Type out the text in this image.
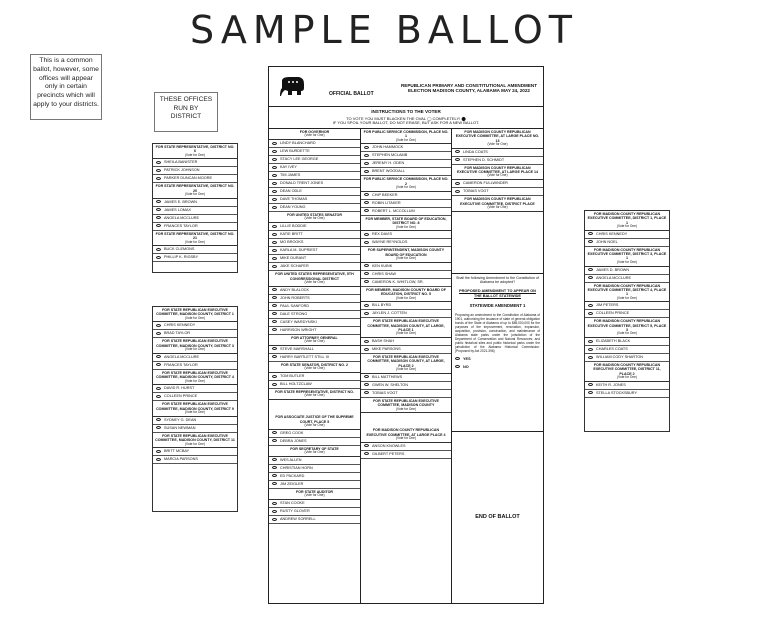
SAMPLE BALLOT
This is a common ballot, however, some offices will appear only in certain precincts which will apply to your districts.
THESE OFFICES RUN BY DISTRICT
FOR STATE REPRESENTATIVE, DISTRICT NO. 6
(Vote for One)
SHEILA BANISTER
PATRICK JOHNSON
PARKER DUNCAN MOORE
FOR STATE REPRESENTATIVE, DISTRICT NO. 20
(Vote for One)
JAMES E. BROWN
JAMES LOMAX
ANGELA MCCLURE
FRANCES TAYLOR
FOR STATE REPRESENTATIVE, DISTRICT NO. 21
(Vote for One)
BUCK CLEMONS
PHILLIP K. RIGSBY
FOR STATE REPUBLICAN EXECUTIVE COMMITTEE, MADISON COUNTY, DISTRICT 1
(Vote for One)
CHRIS KENNEDY
BRAD TAYLOR
FOR STATE REPUBLICAN EXECUTIVE COMMITTEE, MADISON COUNTY, DISTRICT 3
(Vote for One)
ANGELA MCCLURE
FRANCES TAYLOR
FOR STATE REPUBLICAN EXECUTIVE COMMITTEE, MADISON COUNTY, DISTRICT 4
(Vote for One)
DAVID R. HURST
COLLEEN PRINCE
FOR STATE REPUBLICAN EXECUTIVE COMMITTEE, MADISON COUNTY, DISTRICT 9
(Vote for One)
SYDNEY G. DEAN
SUSAN NEWMAN
FOR STATE REPUBLICAN EXECUTIVE COMMITTEE, MADISON COUNTY, DISTRICT 11
(Vote for One)
BRITT MCBAY
MARCIA PARSONS
FOR MADISON COUNTY REPUBLICAN EXECUTIVE COMMITTEE, DISTRICT 1, PLACE 1
(Vote for One)
CHRIS KENNEDY
JOHN NOEL
FOR MADISON COUNTY REPUBLICAN EXECUTIVE COMMITTEE, DISTRICT 3, PLACE 1
(Vote for One)
JAMES D. BROWN
ANGELA MCCLURE
FOR MADISON COUNTY REPUBLICAN EXECUTIVE COMMITTEE, DISTRICT 4, PLACE 1
(Vote for One)
JIM PETERS
COLLEEN PRINCE
FOR MADISON COUNTY REPUBLICAN EXECUTIVE COMMITTEE, DISTRICT 5, PLACE 3
(Vote for One)
ELIZABETH BLACK
CHARLES COATS
WILLIAM CODY SHARTON
FOR MADISON COUNTY REPUBLICAN EXECUTIVE COMMITTEE, DISTRICT 11, PLACE 2
(Vote for One)
KEITH R. JONES
STELLA STOCKSBURY
OFFICIAL BALLOT
REPUBLICAN PRIMARY AND CONSTITUTIONAL AMENDMENT ELECTION MADISON COUNTY, ALABAMA MAY 24, 2022
INSTRUCTIONS TO THE VOTER
TO VOTE YOU MUST BLACKEN THE OVAL ◯ COMPLETELY! ⬤
IF YOU SPOIL YOUR BALLOT, DO NOT ERASE, BUT ASK FOR A NEW BALLOT.
FOR GOVERNOR
(Vote for One)
LINDY BLANCHARD
LEW BURDETTE
STACY LEE GEORGE
KAY IVEY
TIM JAMES
DONALD TRENT JONES
DEAN ODLE
DAVE THOMAS
DEAN YOUNG
FOR UNITED STATES SENATOR
(Vote for One)
LILLIE BODDIE
KATIE BRITT
MO BROOKS
KARLA M. DUPRIEST
MIKE DURANT
JAKE SCHAFER
FOR UNITED STATES REPRESENTATIVE, 5TH CONGRESSIONAL DISTRICT
(Vote for One)
ANDY BLALOCK
JOHN ROBERTS
PAUL SANFORD
DALE STRONG
CASEY WARDYNSKI
HARRISON WRIGHT
FOR ATTORNEY GENERAL
(Vote for One)
STEVE MARSHALL
HARRY BARTLETT STILL III
FOR STATE SENATOR, DISTRICT NO. 2
(Vote for One)
TOM BUTLER
BILL HOLTZCLAW
FOR STATE REPRESENTATIVE, DISTRICT NO.
(Vote for One)
FOR ASSOCIATE JUSTICE OF THE SUPREME COURT, PLACE 5
(Vote for One)
GREG COOK
DEBRA JONES
FOR SECRETARY OF STATE
(Vote for One)
WES ALLEN
CHRISTIAN HORN
ED PACKARD
JIM ZEIGLER
FOR STATE AUDITOR
(Vote for One)
STAN COOKE
RUSTY GLOVER
ANDREW SORRELL
FOR PUBLIC SERVICE COMMISSION, PLACE NO. 1
(Vote for One)
JOHN HAMMOCK
STEPHEN MCLAMB
JEREMY H. ODEN
BRENT WOODALL
FOR PUBLIC SERVICE COMMISSION, PLACE NO. 2
(Vote for One)
CHIP BEEKER
ROBIN LITAKER
ROBERT L. MCCOLLUM
FOR MEMBER, STATE BOARD OF EDUCATION, DISTRICT NO. 8
(Vote for One)
REX DAVIS
WAYNE REYNOLDS
FOR SUPERINTENDENT, MADISON COUNTY BOARD OF EDUCATION
(Vote for One)
KEN KUBIK
CHRIS SHAW
CAMERON K. WHITLOW, SR.
FOR MEMBER, MADISON COUNTY BOARD OF EDUCATION, DISTRICT NO. 5
(Vote for One)
BILL BYRD
JAYLEN J. COTTEN
FOR STATE REPUBLICAN EXECUTIVE COMMITTEE, MADISON COUNTY, AT LARGE, PLACE 1
(Vote for One)
BASH SHAH
MIKE PARSONS
FOR STATE REPUBLICAN EXECUTIVE COMMITTEE, MADISON COUNTY, AT LARGE, PLACE 2
(Vote for One)
BILL MATTHEWS
GWEN W. SHELTON
TOBIAS VOGT
FOR STATE REPUBLICAN EXECUTIVE COMMITTEE, MADISON COUNTY
(Vote for One)
FOR MADISON COUNTY REPUBLICAN EXECUTIVE COMMITTEE, AT LARGE PLACE 4
(Vote for One)
ANSON KNOWLES
GILBERT PETERS
FOR MADISON COUNTY REPUBLICAN EXECUTIVE COMMITTEE, AT LARGE PLACE NO. 13
(Vote for One)
LINDA COATS
STEPHEN D. SCHMIDT
FOR MADISON COUNTY REPUBLICAN EXECUTIVE COMMITTEE, AT LARGE PLACE 14
(Vote for One)
CAMERON FULLWINDER
TOBIAS VOGT
FOR MADISON COUNTY REPUBLICAN EXECUTIVE COMMITTEE, DISTRICT PLACE
(Vote for One)
Shall the following Amendment to the Constitution of Alabama be adopted?
PROPOSED AMENDMENT TO APPEAR ON THE BALLOT STATEWIDE
STATEWIDE AMENDMENT 1
Proposing an amendment to the Constitution of Alabama of 1901, authorizing the issuance of state of general obligation bonds of the State of Alabama of up to $85,000,000 for the purposes of the improvement, renovation, expansion, acquisition, provision, construction, and maintenance of Alabama state parks under the jurisdiction of the Department of Conservation and Natural Resources; and public historical sites and public historical parks under the jurisdiction of the Alabama Historical Commission. (Proposed by Act 2021-396)
YES
NO
END OF BALLOT
